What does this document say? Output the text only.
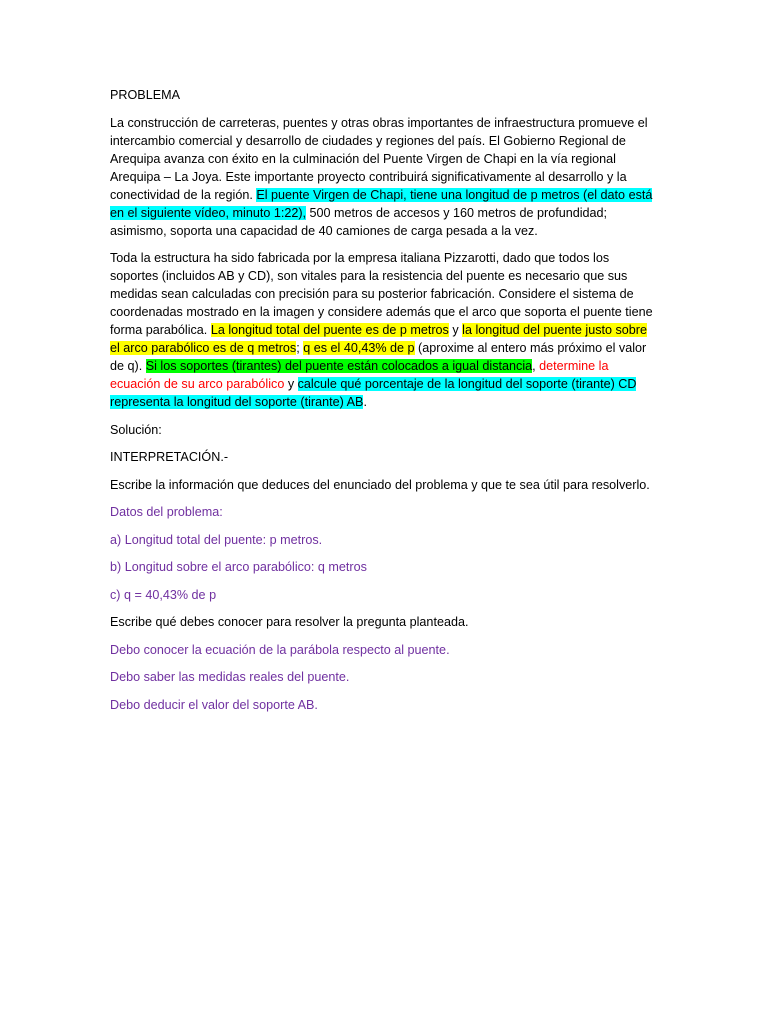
PROBLEMA

La construcción de carreteras, puentes y otras obras importantes de infraestructura promueve el intercambio comercial y desarrollo de ciudades y regiones del país. El Gobierno Regional de Arequipa avanza con éxito en la culminación del Puente Virgen de Chapi en la vía regional Arequipa – La Joya. Este importante proyecto contribuirá significativamente al desarrollo y la conectividad de la región. El puente Virgen de Chapi, tiene una longitud de p metros (el dato está en el siguiente vídeo, minuto 1:22), 500 metros de accesos y 160 metros de profundidad; asimismo, soporta una capacidad de 40 camiones de carga pesada a la vez.

Toda la estructura ha sido fabricada por la empresa italiana Pizzarotti, dado que todos los soportes (incluidos AB y CD), son vitales para la resistencia del puente es necesario que sus medidas sean calculadas con precisión para su posterior fabricación. Considere el sistema de coordenadas mostrado en la imagen y considere además que el arco que soporta el puente tiene forma parabólica. La longitud total del puente es de p metros y la longitud del puente justo sobre el arco parabólico es de q metros; q es el 40,43% de p (aproxime al entero más próximo el valor de q). Si los soportes (tirantes) del puente están colocados a igual distancia, determine la ecuación de su arco parabólico y calcule qué porcentaje de la longitud del soporte (tirante) CD representa la longitud del soporte (tirante) AB.

Solución:

INTERPRETACIÓN.-

Escribe la información que deduces del enunciado del problema y que te sea útil para resolverlo.

Datos del problema:

a) Longitud total del puente: p metros.

b) Longitud sobre el arco parabólico: q metros

c) q = 40,43% de p

Escribe qué debes conocer para resolver la pregunta planteada.

Debo conocer la ecuación de la parábola respecto al puente.

Debo saber las medidas reales del puente.

Debo deducir el valor del soporte AB.
